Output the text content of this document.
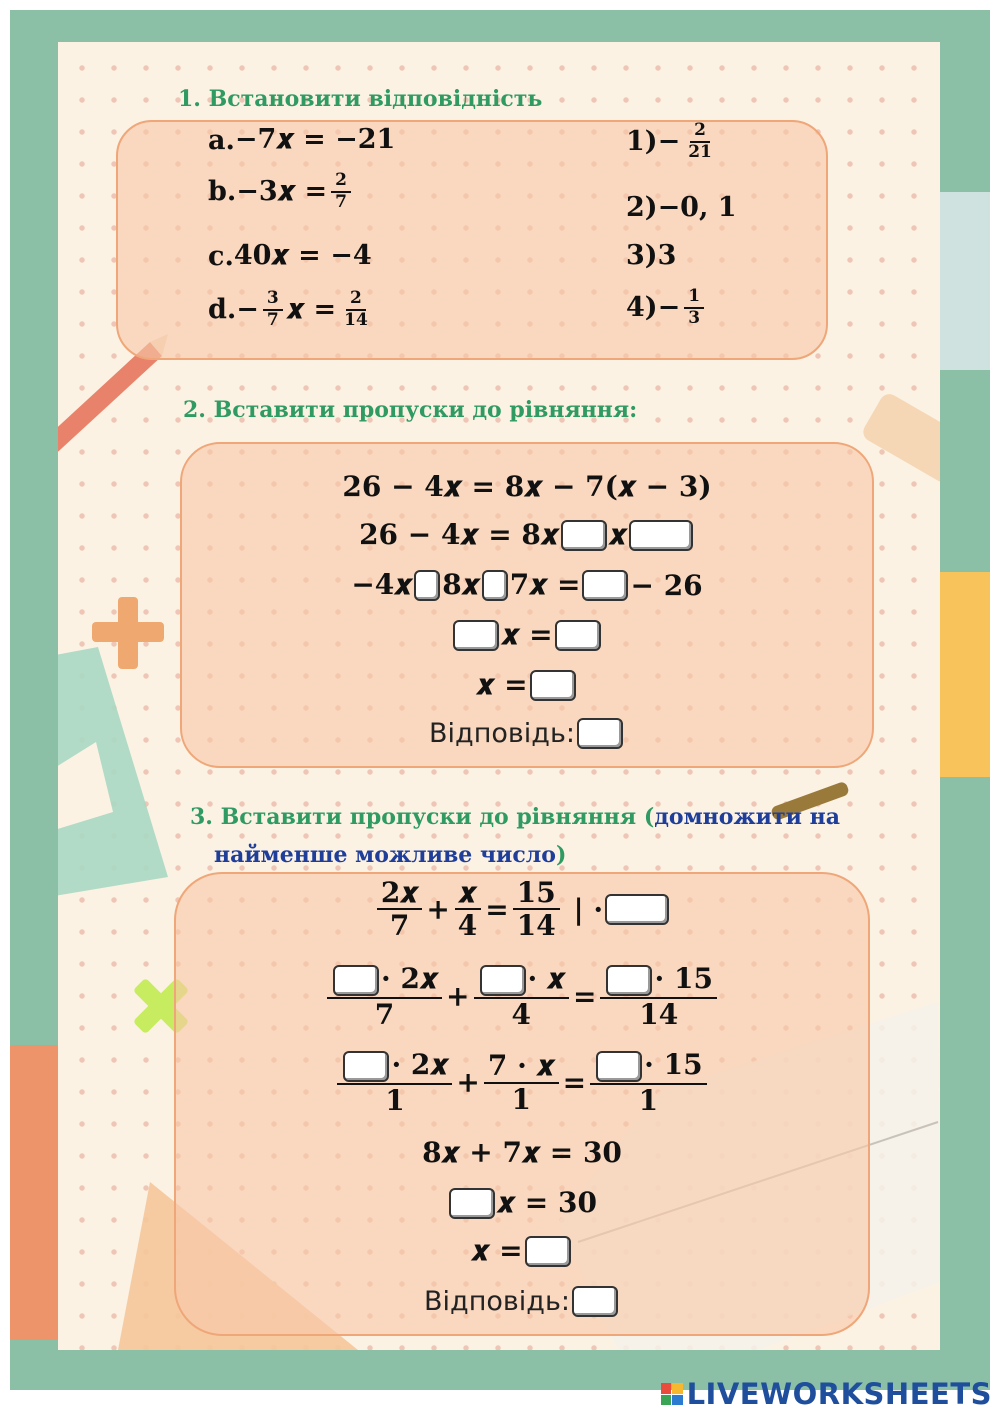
1. Встановити відповідність
a. −7𝒙 = −21
b. −3𝒙 = $\frac{2}{7}$
c. 40𝒙 = −4
d. − $\frac{3}{7}$ 𝒙 = $\frac{2}{14}$
$1) - \frac{2}{21}$
2) −0, 1
3) 3
$4) - \frac{1}{3}$
2. Вставити пропуски до рівняння:
26 − 4𝒙 = 8𝒙 − 7(𝒙 − 3)
26 − 4𝒙 = 8𝒙 𝒙
−4𝒙 8𝒙 7𝒙 = − 26
𝒙 =
𝒙 =
Відповідь:
3. Вставити пропуски до рівняння (домножити на
найменше можливе число)
$\frac{\text{2𝒙}}{7} + \frac{\text{𝒙}}{4} = \frac{15}{14}$
| ·
$\frac{\text{· 2𝒙}}{7} + \frac{\text{· 𝒙}}{4} = \frac{\cdot 15}{14}$
$\frac{\text{· 2𝒙}}{1} + \frac{\text{7 · 𝒙}}{1} = \frac{\cdot 15}{1}$
8𝒙 + 7𝒙 = 30
𝒙 = 30
𝒙 =
Відповідь:
LIVEWORKSHEETS
